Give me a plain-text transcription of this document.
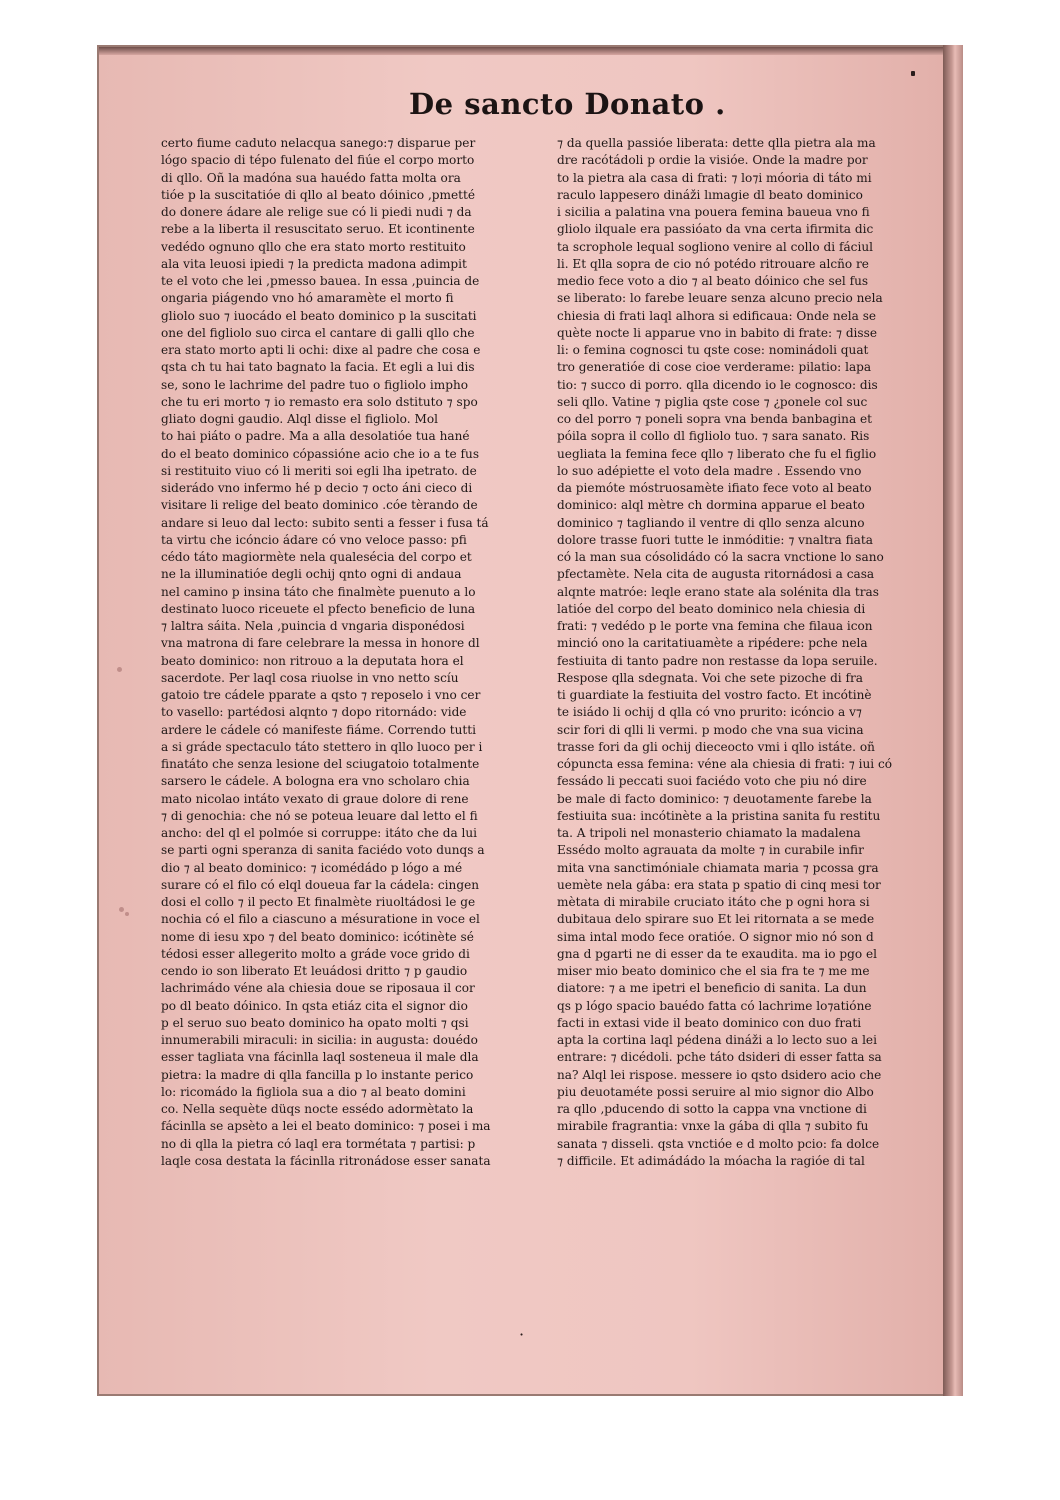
De sancto Donato .
certo fiume caduto nelacqua sanego:⁊ disparue per
lógo spacio di tépo fulenato del fiúe el corpo morto
di qllo. Oñ la madóna sua hauédo fatta molta ora
tióe p la suscitatióe di qllo al beato dóinico ,pmetté
do donere ádare ale relige sue có li piedi nudi ⁊ da
rebe a la liberta il resuscitato seruo. Et icontinente
vedédo ognuno qllo che era stato morto restituito
ala vita leuosi ipiedi ⁊ la predicta madona adimpit
te el voto che lei ,pmesso bauea. In essa ,puincia de
ongaria piágendo vno hó amaramète el morto fi
gliolo suo ⁊ iuocádo el beato dominico p la suscitati
one del figliolo suo circa el cantare di galli qllo che
era stato morto apti li ochi: dixe al padre che cosa e
qsta ch tu hai tato bagnato la facia. Et egli a lui dis
se, sono le lachrime del padre tuo o figliolo impho
che tu eri morto ⁊ io remasto era solo dstituto ⁊ spo
gliato dogni gaudio. Alql disse el figliolo. Mol
to hai piáto o padre. Ma a alla desolatióe tua hané
do el beato dominico cópassióne acio che io a te fus
si restituito viuo có li meriti soi egli lha ipetrato. de
siderádo vno infermo hé p decio ⁊ octo áni cieco di
visitare li relige del beato dominico .cóe tèrando de
andare si leuo dal lecto: subito senti a fesser i fusa tá
ta virtu che icóncio ádare có vno veloce passo: pfi
cédo táto magiormète nela qualesécia del corpo et
ne la illuminatióe degli ochij qnto ogni di andaua
nel camino p insina táto che finalmète puenuto a lo
destinato luoco riceuete el pfecto beneficio de luna
⁊ laltra sáita. Nela ,puincia d vngaria disponédosi
vna matrona di fare celebrare la messa in honore dl
beato dominico: non ritrouo a la deputata hora el
sacerdote. Per laql cosa riuolse in vno netto scíu
gatoio tre cádele pparate a qsto ⁊ reposelo i vno cer
to vasello: partédosi alqnto ⁊ dopo ritornádo: vide
ardere le cádele có manifeste fiáme. Correndo tutti
a si gráde spectaculo táto stettero in qllo luoco per i
finatáto che senza lesione del sciugatoio totalmente
sarsero le cádele. A bologna era vno scholaro chia
mato nicolao intáto vexato di graue dolore di rene
⁊ di genochia: che nó se poteua leuare dal letto el fi
ancho: del ql el polmóe si corruppe: itáto che da lui
se parti ogni speranza di sanita faciédo voto dunqs a
dio ⁊ al beato dominico: ⁊ icomédádo p lógo a mé
surare có el filo có elql doueua far la cádela: cingen
dosi el collo ⁊ il pecto Et finalmète riuoltádosi le ge
nochia có el filo a ciascuno a mésuratione in voce el
nome di iesu xpo ⁊ del beato dominico: icótinète sé
tédosi esser allegerito molto a gráde voce grido di
cendo io son liberato Et leuádosi dritto ⁊ p gaudio
lachrimádo véne ala chiesia doue se riposaua il cor
po dl beato dóinico. In qsta etiáz cita el signor dio
p el seruo suo beato dominico ha opato molti ⁊ qsi
innumerabili miraculi: in sicilia: in augusta: douédo
esser tagliata vna fácinlla laql sosteneua il male dla
pietra: la madre di qlla fancilla p lo instante perico
lo: ricomádo la figliola sua a dio ⁊ al beato domini
co. Nella sequète düqs nocte essédo adormètato la
fácinlla se apsèto a lei el beato dominico: ⁊ posei i ma
no di qlla la pietra có laql era tormétata ⁊ partisi: p
laqle cosa destata la fácinlla ritronádose esser sanata
⁊ da quella passióe liberata: dette qlla pietra ala ma
dre racótádoli p ordie la visióe. Onde la madre por
to la pietra ala casa di frati: ⁊ lo⁊i móoria di táto mi
raculo lappesero dináži lımagie dl beato dominico
i sicilia a palatina vna pouera femina baueua vno fi
gliolo ilquale era passióato da vna certa ifirmita dic
ta scrophole lequal sogliono venire al collo di fáciul
li. Et qlla sopra de cio nó potédo ritrouare alcño re
medio fece voto a dio ⁊ al beato dóinico che sel fus
se liberato: lo farebe leuare senza alcuno precio nela
chiesia di frati laql alhora si edificaua: Onde nela se
quète nocte li apparue vno in babito di frate: ⁊ disse
li: o femina cognosci tu qste cose: nominádoli quat
tro generatióe di cose cioe verderame: pilatio: lapa
tio: ⁊ succo di porro. qlla dicendo io le cognosco: dis
seli qllo. Vatine ⁊ piglia qste cose ⁊ ¿ponele col suc
co del porro ⁊ poneli sopra vna benda banbagina et
póila sopra il collo dl figliolo tuo. ⁊ sara sanato. Ris
uegliata la femina fece qllo ⁊ liberato che fu el figlio
lo suo adépiette el voto dela madre . Essendo vno
da piemóte móstruosamète ifiato fece voto al beato
dominico: alql mètre ch dormina apparue el beato
dominico ⁊ tagliando il ventre di qllo senza alcuno
dolore trasse fuori tutte le inmóditie: ⁊ vnaltra fiata
có la man sua cósolidádo có la sacra vnctione lo sano
pfectamète. Nela cita de augusta ritornádosi a casa
alqnte matróe: leqle erano state ala solénita dla tras
latióe del corpo del beato dominico nela chiesia di
frati: ⁊ vedédo p le porte vna femina che filaua icon
minció ono la caritatiuamète a ripédere: pche nela
festiuita di tanto padre non restasse da lopa seruile.
Respose qlla sdegnata. Voi che sete pizoche di fra
ti guardiate la festiuita del vostro facto. Et incótinè
te isiádo li ochij d qlla có vno prurito: icóncio a v⁊
scir fori di qlli li vermi. p modo che vna sua vicina
trasse fori da gli ochij dieceocto vmi i qllo istáte. oñ
cópuncta essa femina: véne ala chiesia di frati: ⁊ iui có
fessádo li peccati suoi faciédo voto che piu nó dire
be male di facto dominico: ⁊ deuotamente farebe la
festiuita sua: incótinète a la pristina sanita fu restitu
ta. A tripoli nel monasterio chiamato la madalena
Essédo molto agrauata da molte ⁊ in curabile infir
mita vna sanctimóniale chiamata maria ⁊ pcossa gra
uemète nela gába: era stata p spatio di cinq mesi tor
mètata di mirabile cruciato itáto che p ogni hora si
dubitaua delo spirare suo Et lei ritornata a se mede
sima intal modo fece oratióe. O signor mio nó son d
gna d pgarti ne di esser da te exaudita. ma io pgo el
miser mio beato dominico che el sia fra te ⁊ me me
diatore: ⁊ a me ipetri el beneficio di sanita. La dun
qs p lógo spacio bauédo fatta có lachrime lo⁊atióne
facti in extasi vide il beato dominico con duo frati
apta la cortina laql pédena dináži a lo lecto suo a lei
entrare: ⁊ dicédoli. pche táto dsideri di esser fatta sa
na? Alql lei rispose. messere io qsto dsidero acio che
piu deuotaméte possi seruire al mio signor dio Albo
ra qllo ,pducendo di sotto la cappa vna vnctione di
mirabile fragrantia: vnxe la gába di qlla ⁊ subito fu
sanata ⁊ disseli. qsta vnctióe e d molto pcio: fa dolce
⁊ difficile. Et adimádádo la móacha la ragióe di tal
·
